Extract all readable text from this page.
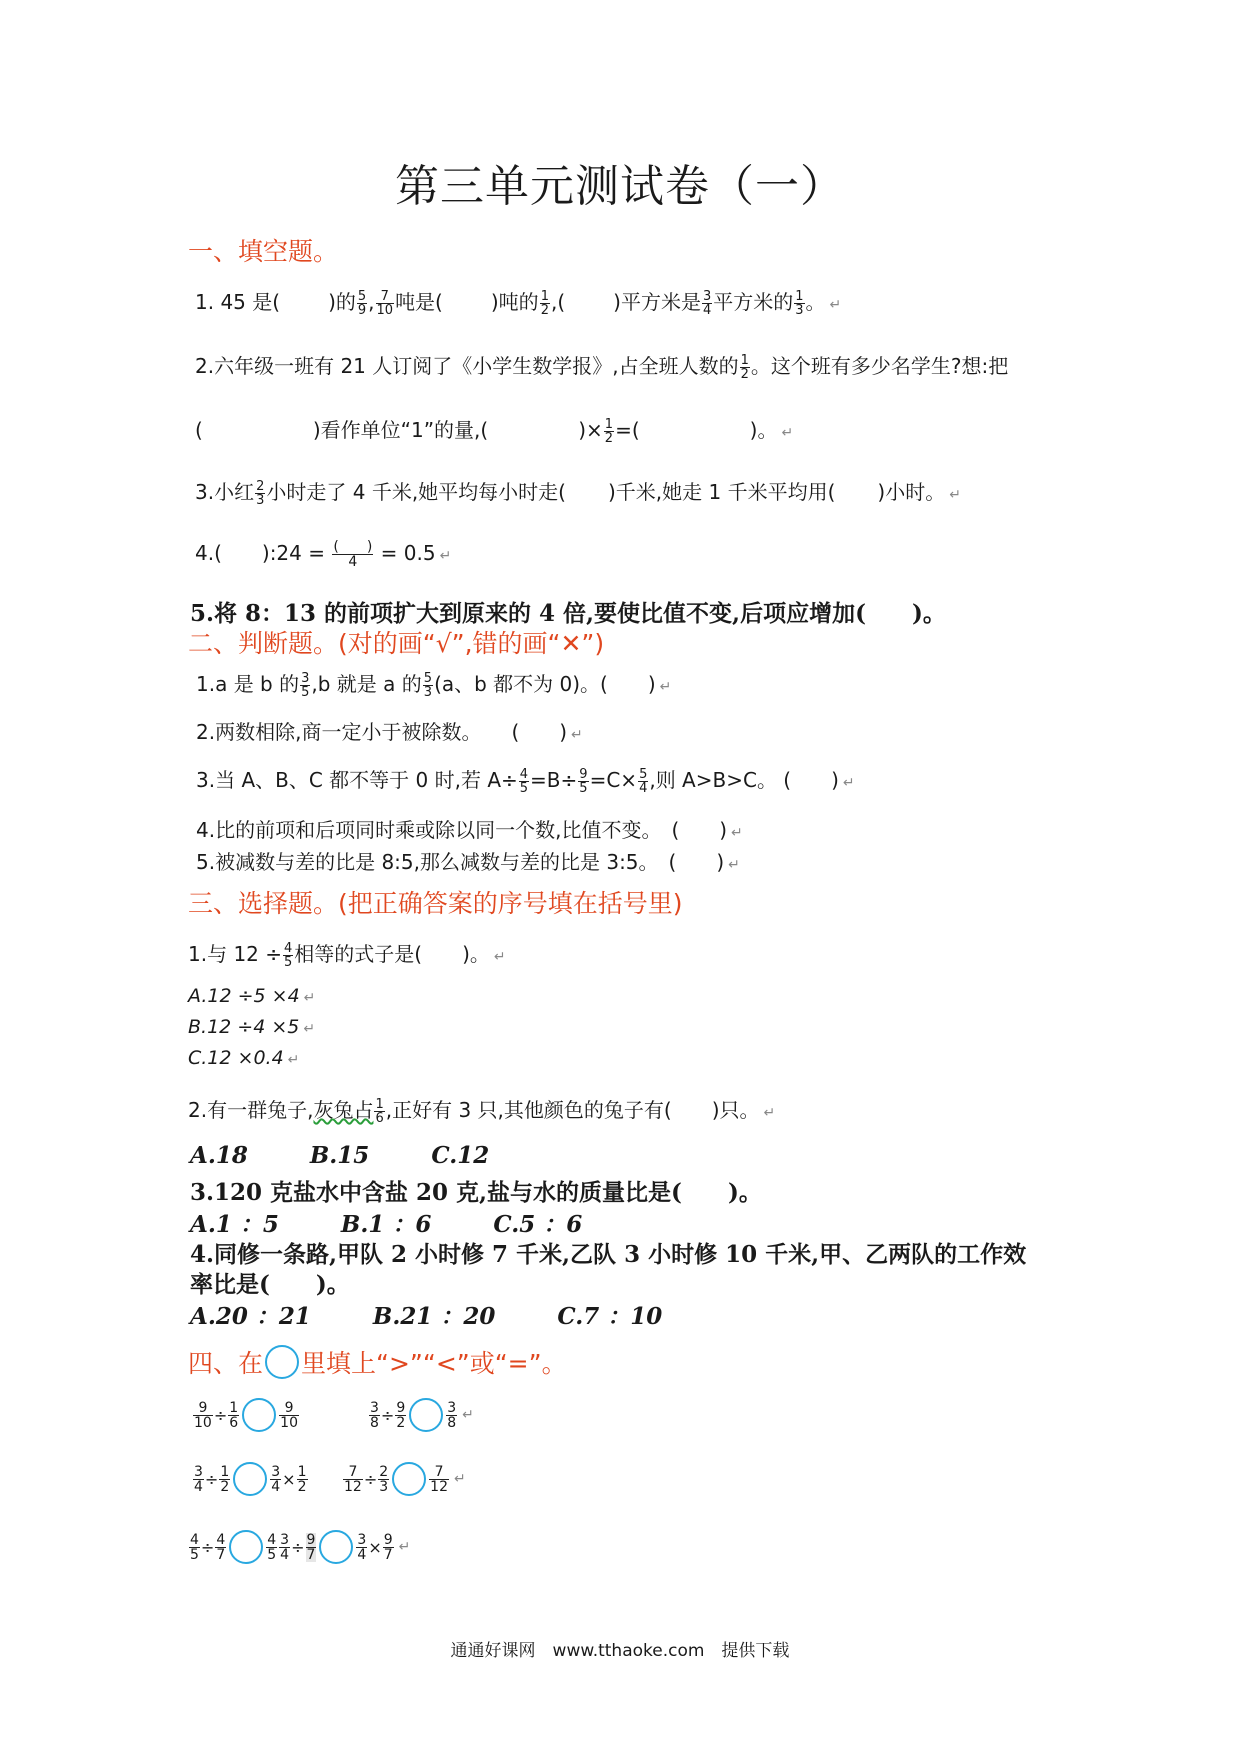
第三单元测试卷（一）
一、填空题。
1. 45 是( )的 $\frac{5}{9}$ , $\frac{7}{10}$ 吨是( )吨的 $\frac{1}{2}$ ,( )平方米是 $\frac{3}{4}$ 平方米的 $\frac{1}{3}$ 。 ↵
2.六年级一班有 21 人订阅了《小学生数学报》,占全班人数的 $\frac{1}{2}$ 。这个班有多少名学生?想:把
(	)看作单位“1”的量,(	)× $\frac{1}{2}$ =(	)。 ↵
3.小红 $\frac{2}{3}$ 小时走了 4 千米,她平均每小时走( )千米,她走 1 千米平均用( )小时。 ↵
4.( ):24 = $\frac{( )}{4} = 0.5$ ↵
5.将 8：13 的前项扩大到原来的 4 倍,要使比值不变,后项应增加(　　)。
二、判断题。(对的画“√”,错的画“✕”)
1.a 是 b 的 $\frac{3}{5} ,b$ 就是 a 的 $\frac{5}{3} (a$、b 都不为 0)。(　　) ↵
2.两数相除,商一定小于被除数。　　(　　) ↵
3.当 A、B、C 都不等于 0 时,若 $A\div \frac{4}{5} =B\div \frac{9}{5} =C\times \frac{5}{4}$ ,则 A>B>C。 (　　) ↵
4.比的前项和后项同时乘或除以同一个数,比值不变。　(　　) ↵
5.被减数与差的比是 8:5,那么减数与差的比是 3:5。　(　　) ↵
三、选择题。(把正确答案的序号填在括号里)
1.与 $12 \div \frac{4}{5}$ 相等的式子是(　　)。 ↵
A.12 ÷5 ×4 ↵
B.12 ÷4 ×5 ↵
C.12 ×0.4 ↵
2.有一群兔子,灰兔占 $\frac{1}{6}$ ,正好有 3 只,其他颜色的兔子有(　　)只。 ↵
A.18	B.15	C.12
3.120 克盐水中含盐 20 克,盐与水的质量比是(　　)。
A.1 ：5	B.1 ：6	C.5 ：6
4.同修一条路,甲队 2 小时修 7 千米,乙队 3 小时修 10 千米,甲、乙两队的工作效
率比是(　　)。
A.20 ：21	B.21 ：20	C.7 ：10
四、在 里填上“>”“<”或“=”。
$\frac{9}{10} \div \frac{1}{6}$	$\frac{9}{10}$	$\frac{3}{8} \div \frac{9}{2}$	$\frac{3}{8}$ ↵
$\frac{3}{4} \div \frac{1}{2}$	$\frac{3}{4} \times \frac{1}{2}$	$\frac{7}{12} \div \frac{2}{3}$	$\frac{7}{12}$ ↵
$\frac{4}{5} \div \frac{4}{7}$	$\frac{4}{5} \frac{3}{4} \div \frac{9}{7}$	$\frac{3}{4} \times \frac{9}{7}$ ↵
通通好课网　www.tthaoke.com　提供下载
